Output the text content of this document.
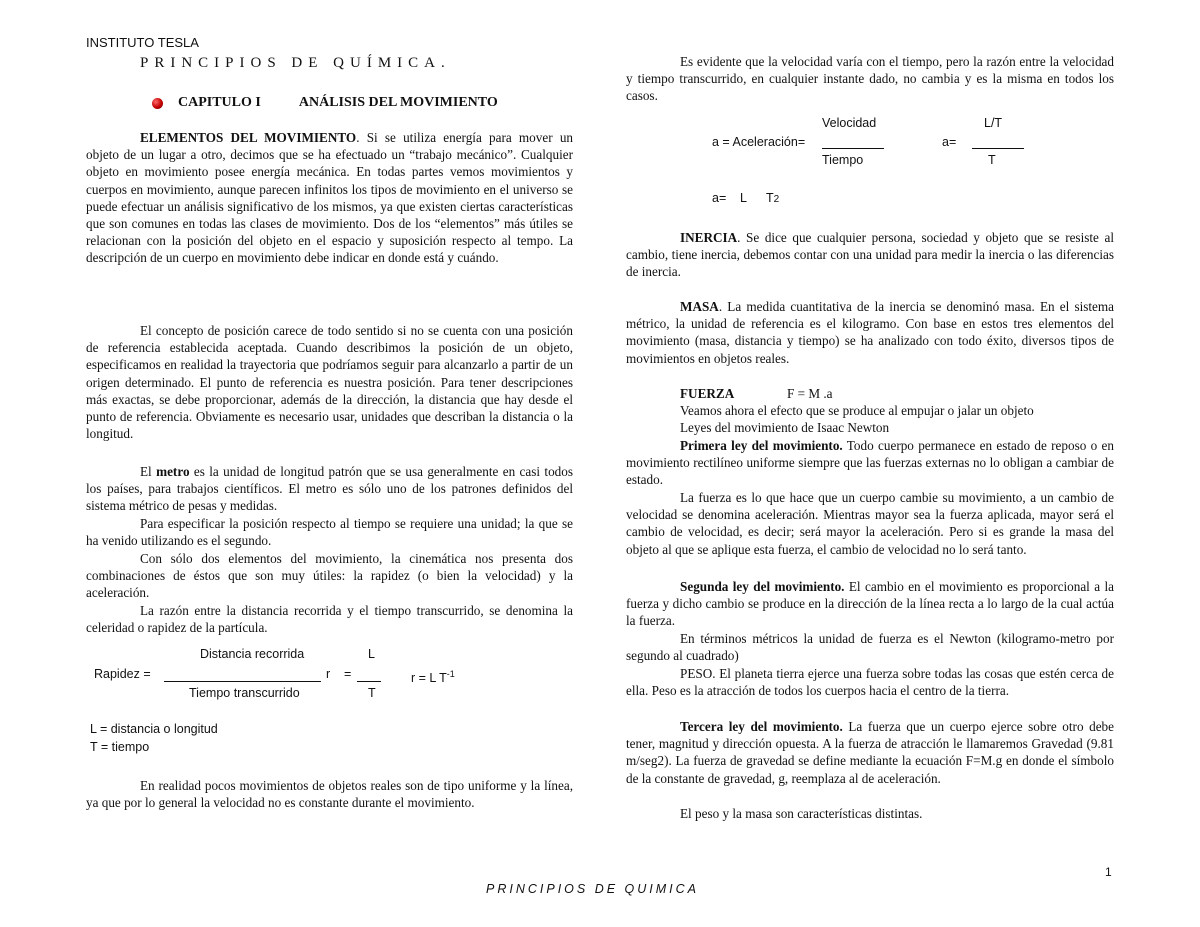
INSTITUTO TESLA
PRINCIPIOS DE QUÍMICA.
CAPITULO I	ANÁLISIS DEL MOVIMIENTO

ELEMENTOS DEL MOVIMIENTO. Si se utiliza energía para mover un objeto de un lugar a otro, decimos que se ha efectuado un “trabajo mecánico”. Cualquier objeto en movimiento posee energía mecánica. En todas partes vemos movimientos y cuerpos en movimiento, aunque parecen infinitos los tipos de movimiento en el universo se puede efectuar un análisis significativo de los mismos, ya que existen ciertas características que son comunes en todas las clases de movimiento. Dos de los “elementos” más útiles se relacionan con la posición del objeto en el espacio y suposición respecto al tempo. La descripción de un cuerpo en movimiento debe indicar en donde está y cuándo.

El concepto de posición carece de todo sentido si no se cuenta con una posición de referencia establecida aceptada. Cuando describimos la posición de un objeto, especificamos en realidad la trayectoria que podríamos seguir para alcanzarlo a partir de un origen determinado. El punto de referencia es nuestra posición. Para tener descripciones más exactas, se debe proporcionar, además de la dirección, la distancia que hay desde el punto de referencia. Obviamente es necesario usar, unidades que describan la distancia o la longitud.

El metro es la unidad de longitud patrón que se usa generalmente en casi todos los países, para trabajos científicos. El metro es sólo uno de los patrones definidos del sistema métrico de pesas y medidas.

Para especificar la posición respecto al tiempo se requiere una unidad; la que se ha venido utilizando es el segundo.

Con sólo dos elementos del movimiento, la cinemática nos presenta dos combinaciones de éstos que son muy útiles: la rapidez (o bien la velocidad) y la aceleración.

La razón entre la distancia recorrida y el tiempo transcurrido, se denomina la celeridad o rapidez de la partícula.

Distancia recorrida	L
Rapidez =	r =	r = L $T^{-1}$
Tiempo transcurrido	T
L = distancia o longitud
T = tiempo

En realidad pocos movimientos de objetos reales son de tipo uniforme y la línea, ya que por lo general la velocidad no es constante durante el movimiento.

Es evidente que la velocidad varía con el tiempo, pero la razón entre la velocidad y tiempo transcurrido, en cualquier instante dado, no cambia y es la misma en todos los casos.

Velocidad	L/T
a = Aceleración=	a=
Tiempo	T
a= L T2

INERCIA. Se dice que cualquier persona, sociedad y objeto que se resiste al cambio, tiene inercia, debemos contar con una unidad para medir la inercia o las diferencias de inercia.

MASA. La medida cuantitativa de la inercia se denominó masa. En el sistema métrico, la unidad de referencia es el kilogramo. Con base en estos tres elementos del movimiento (masa, distancia y tiempo) se ha analizado con todo éxito, diversos tipos de movimientos en objetos reales.

FUERZA	F = M .a
Veamos ahora el efecto que se produce al empujar o jalar un objeto
Leyes del movimiento de Isaac Newton

Primera ley del movimiento. Todo cuerpo permanece en estado de reposo o en movimiento rectilíneo uniforme siempre que las fuerzas externas no lo obligan a cambiar de estado.

La fuerza es lo que hace que un cuerpo cambie su movimiento, a un cambio de velocidad se denomina aceleración. Mientras mayor sea la fuerza aplicada, mayor será el cambio de velocidad, es decir; será mayor la aceleración. Pero si es grande la masa del objeto al que se aplique esta fuerza, el cambio de velocidad no lo será tanto.

Segunda ley del movimiento. El cambio en el movimiento es proporcional a la fuerza y dicho cambio se produce en la dirección de la línea recta a lo largo de la cual actúa la fuerza.

En términos métricos la unidad de fuerza es el Newton (kilogramo-metro por segundo al cuadrado)

PESO. El planeta tierra ejerce una fuerza sobre todas las cosas que estén cerca de ella. Peso es la atracción de todos los cuerpos hacia el centro de la tierra.

Tercera ley del movimiento. La fuerza que un cuerpo ejerce sobre otro debe tener, magnitud y dirección opuesta. A la fuerza de atracción le llamaremos Gravedad (9.81 m/seg2). La fuerza de gravedad se define mediante la ecuación F=M.g en donde el símbolo de la constante de gravedad, g, reemplaza al de aceleración.

El peso y la masa son características distintas.

1
PRINCIPIOS DE QUIMICA
